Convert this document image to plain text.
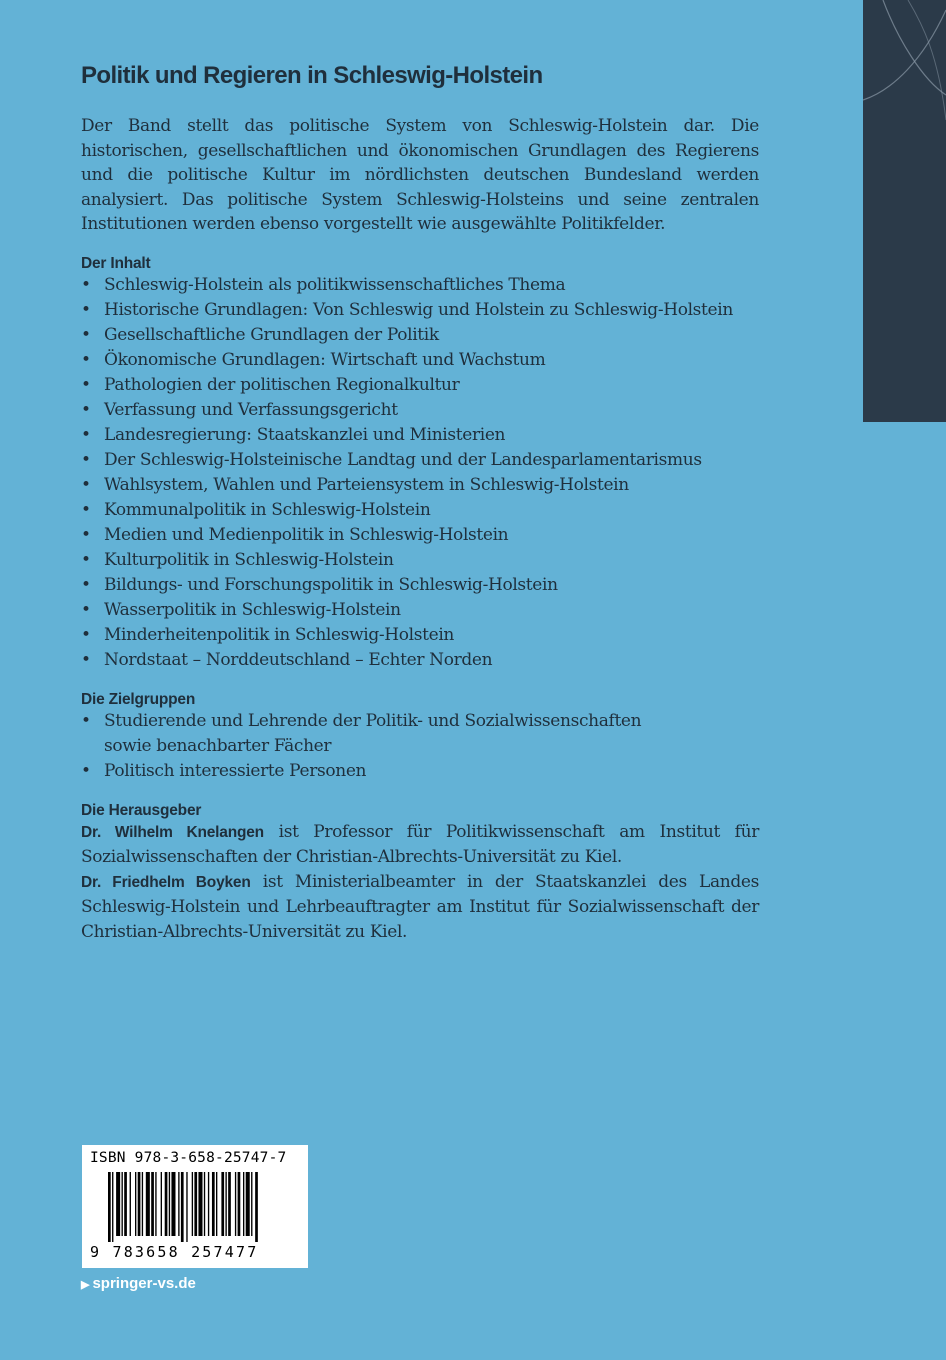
Politik und Regieren in Schleswig-Holstein

Der Band stellt das politische System von Schleswig-Holstein dar. Die historischen, gesellschaftlichen und ökonomischen Grundlagen des Regierens und die politische Kultur im nördlichsten deutschen Bundesland werden analysiert. Das politische System Schleswig-Holsteins und seine zentralen Institutionen werden ebenso vorgestellt wie ausgewählte Politikfelder.

Der Inhalt
• Schleswig-Holstein als politikwissenschaftliches Thema
• Historische Grundlagen: Von Schleswig und Holstein zu Schleswig-Holstein
• Gesellschaftliche Grundlagen der Politik
• Ökonomische Grundlagen: Wirtschaft und Wachstum
• Pathologien der politischen Regionalkultur
• Verfassung und Verfassungsgericht
• Landesregierung: Staatskanzlei und Ministerien
• Der Schleswig-Holsteinische Landtag und der Landesparlamentarismus
• Wahlsystem, Wahlen und Parteiensystem in Schleswig-Holstein
• Kommunalpolitik in Schleswig-Holstein
• Medien und Medienpolitik in Schleswig-Holstein
• Kulturpolitik in Schleswig-Holstein
• Bildungs- und Forschungspolitik in Schleswig-Holstein
• Wasserpolitik in Schleswig-Holstein
• Minderheitenpolitik in Schleswig-Holstein
• Nordstaat – Norddeutschland – Echter Norden
Die Zielgruppen
• Studierende und Lehrende der Politik- und Sozialwissenschaften
sowie benachbarter Fächer
• Politisch interessierte Personen
Die Herausgeber

Dr. Wilhelm Knelangen ist Professor für Politikwissenschaft am Institut für Sozialwissenschaften der Christian-Albrechts-Universität zu Kiel.

Dr. Friedhelm Boyken ist Ministerialbeamter in der Staatskanzlei des Landes Schleswig-Holstein und Lehrbeauftragter am Institut für Sozialwissenschaft der Christian-Albrechts-Universität zu Kiel.

ISBN 978-3-658-25747-7
9 783658 257477
▶ springer-vs.de
